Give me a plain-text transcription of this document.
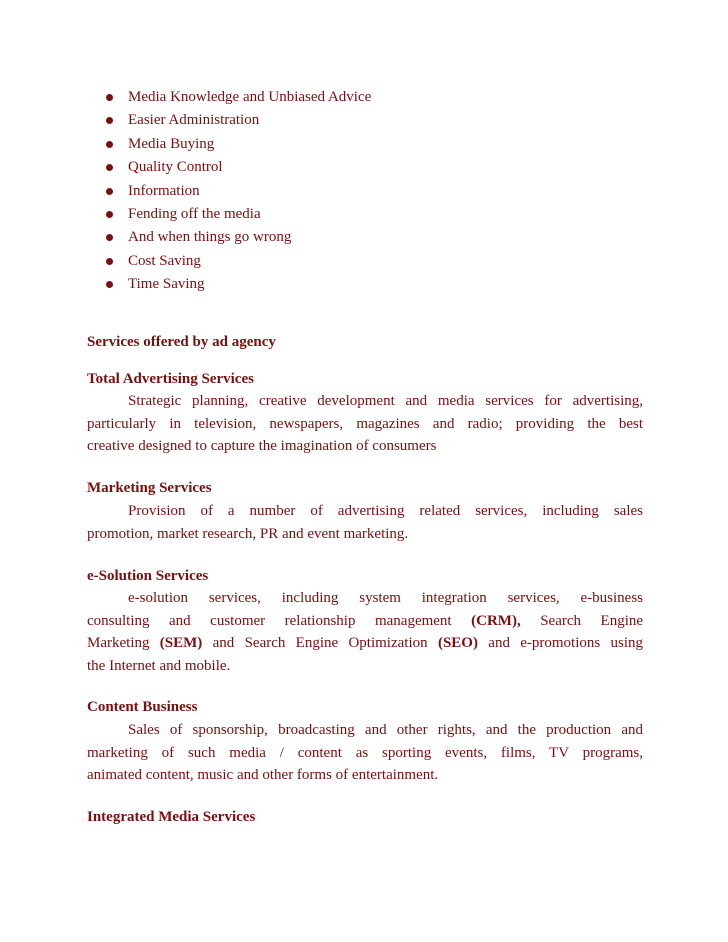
Media Knowledge and Unbiased Advice
Easier Administration
Media Buying
Quality Control
Information
Fending off the media
And when things go wrong
Cost Saving
Time Saving
Services offered by ad agency
Total Advertising Services
Strategic planning, creative development and media services for advertising,
particularly in television, newspapers, magazines and radio; providing the best
creative designed to capture the imagination of consumers
Marketing Services
Provision of a number of advertising related services, including sales
promotion, market research, PR and event marketing.
e-Solution Services
e-solution services, including system integration services, e-business
consulting and customer relationship management (CRM), Search Engine
Marketing (SEM) and Search Engine Optimization (SEO) and e-promotions using
the Internet and mobile.
Content Business
Sales of sponsorship, broadcasting and other rights, and the production and
marketing of such media / content as sporting events, films, TV programs,
animated content, music and other forms of entertainment.
Integrated Media Services
